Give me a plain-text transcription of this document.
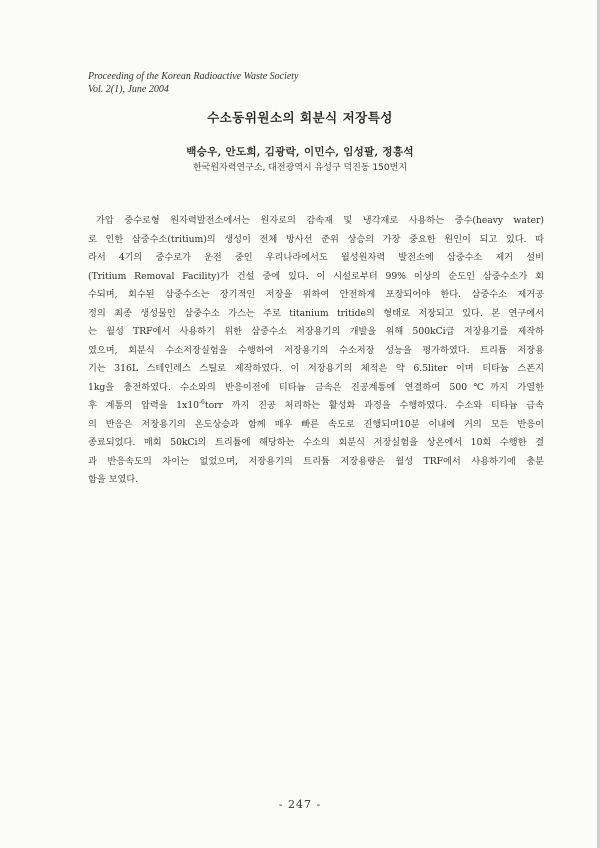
Proceeding of the Korean Radioactive Waste Society
Vol. 2(1), June 2004
수소동위원소의 회분식 저장특성
백승우, 안도희, 김광락, 이민수, 임성팔, 정흥석
한국원자력연구소, 대전광역시 유성구 덕진동 150번지
가압 중수로형 원자력발전소에서는 원자로의 감속재 및 냉각재로 사용하는 중수(heavy water)
로 인한 삼중수소(tritium)의 생성이 전체 방사선 준위 상승의 가장 중요한 원인이 되고 있다. 따
라서 4기의 중수로가 운전 중인 우리나라에서도 월성원자력 발전소에 삼중수소 제거 설비
(Tritium Removal Facility)가 건설 중에 있다. 이 시설로부터 99% 이상의 순도인 삼중수소가 회
수되며, 회수된 삼중수소는 장기적인 저장을 위하여 안전하게 포장되어야 한다. 삼중수소 제거공
정의 최종 생성물인 삼중수소 가스는 주로 titanium tritide의 형태로 저장되고 있다. 본 연구에서
는 월성 TRF에서 사용하기 위한 삼중수소 저장용기의 개발을 위해 500kCi급 저장용기를 제작하
였으며, 회분식 수소저장실험을 수행하여 저장용기의 수소저장 성능을 평가하였다. 트리튬 저장용
기는 316L 스테인레스 스틸로 제작하였다. 이 저장용기의 체적은 약 6.5liter 이며 티타늄 스폰지
1kg을 충전하였다. 수소와의 반응이전에 티타늄 금속은 진공계통에 연결하여 500℃까지 가열한
후 계통의 압력을 $1x10^{-6}torr$ 까지 진공 처리하는 활성화 과정을 수행하였다. 수소와 티타늄 금속
의 반응은 저장용기의 온도상승과 함께 매우 빠른 속도로 진행되며10분 이내에 거의 모든 반응이
종료되었다. 매회 50kCi의 트리튬에 해당하는 수소의 회분식 저장실험을 상온에서 10회 수행한 결
과 반응속도의 차이는 없었으며, 저장용기의 트리튬 저장용량은 월성 TRF에서 사용하기에 충분
함을 보였다.
- 247 -
